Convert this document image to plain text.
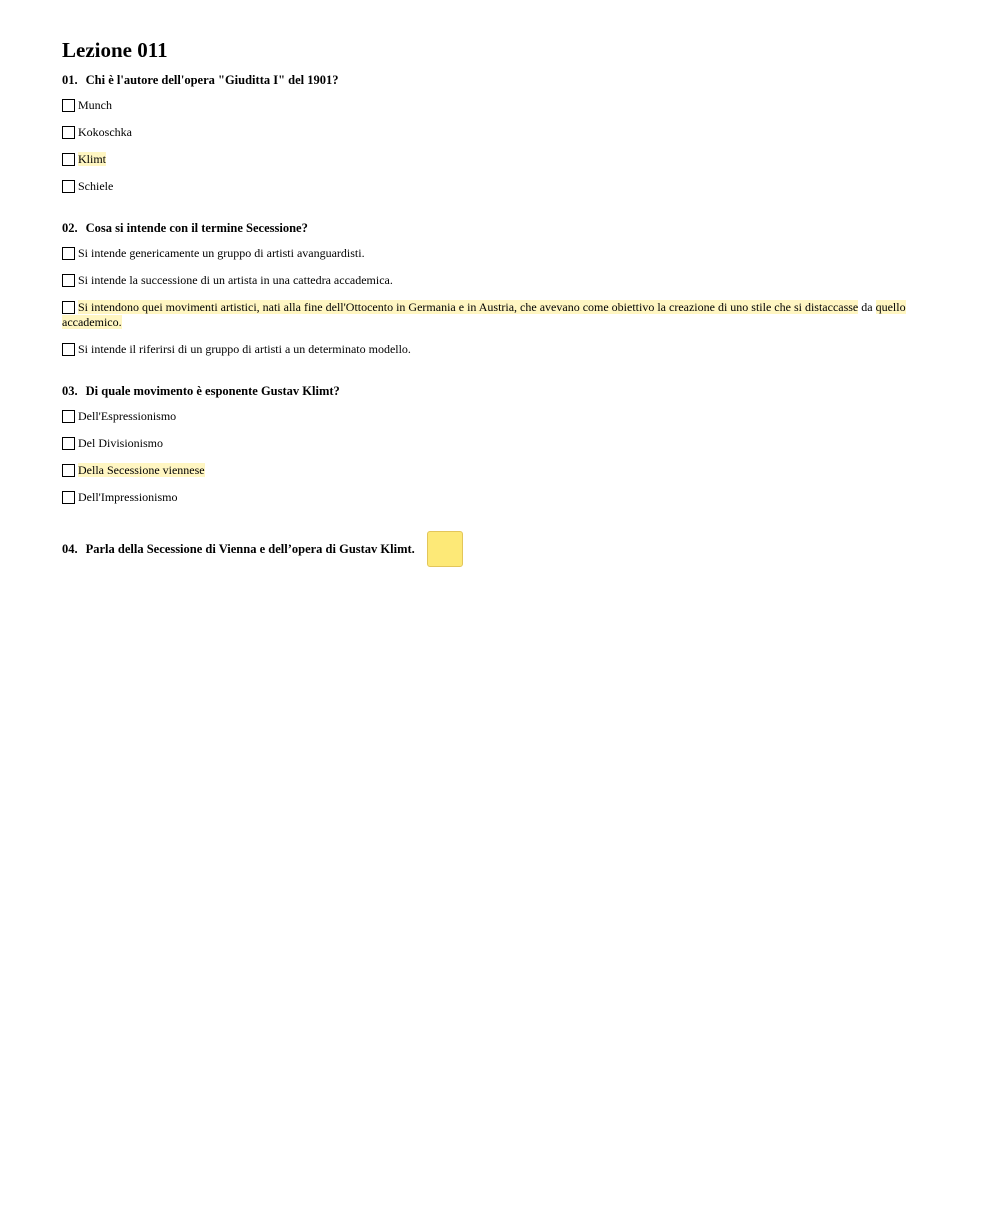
Lezione 011
01. Chi è l'autore dell'opera "Giuditta I" del 1901?
Munch
Kokoschka
Klimt
Schiele
02. Cosa si intende con il termine Secessione?
Si intende genericamente un gruppo di artisti avanguardisti.
Si intende la successione di un artista in una cattedra accademica.
Si intendono quei movimenti artistici, nati alla fine dell'Ottocento in Germania e in Austria, che avevano come obiettivo la creazione di uno stile che si distaccasse da quello accademico.
Si intende il riferirsi di un gruppo di artisti a un determinato modello.
03. Di quale movimento è esponente Gustav Klimt?
Dell'Espressionismo
Del Divisionismo
Della Secessione viennese
Dell'Impressionismo
04. Parla della Secessione di Vienna e dell’opera di Gustav Klimt.
